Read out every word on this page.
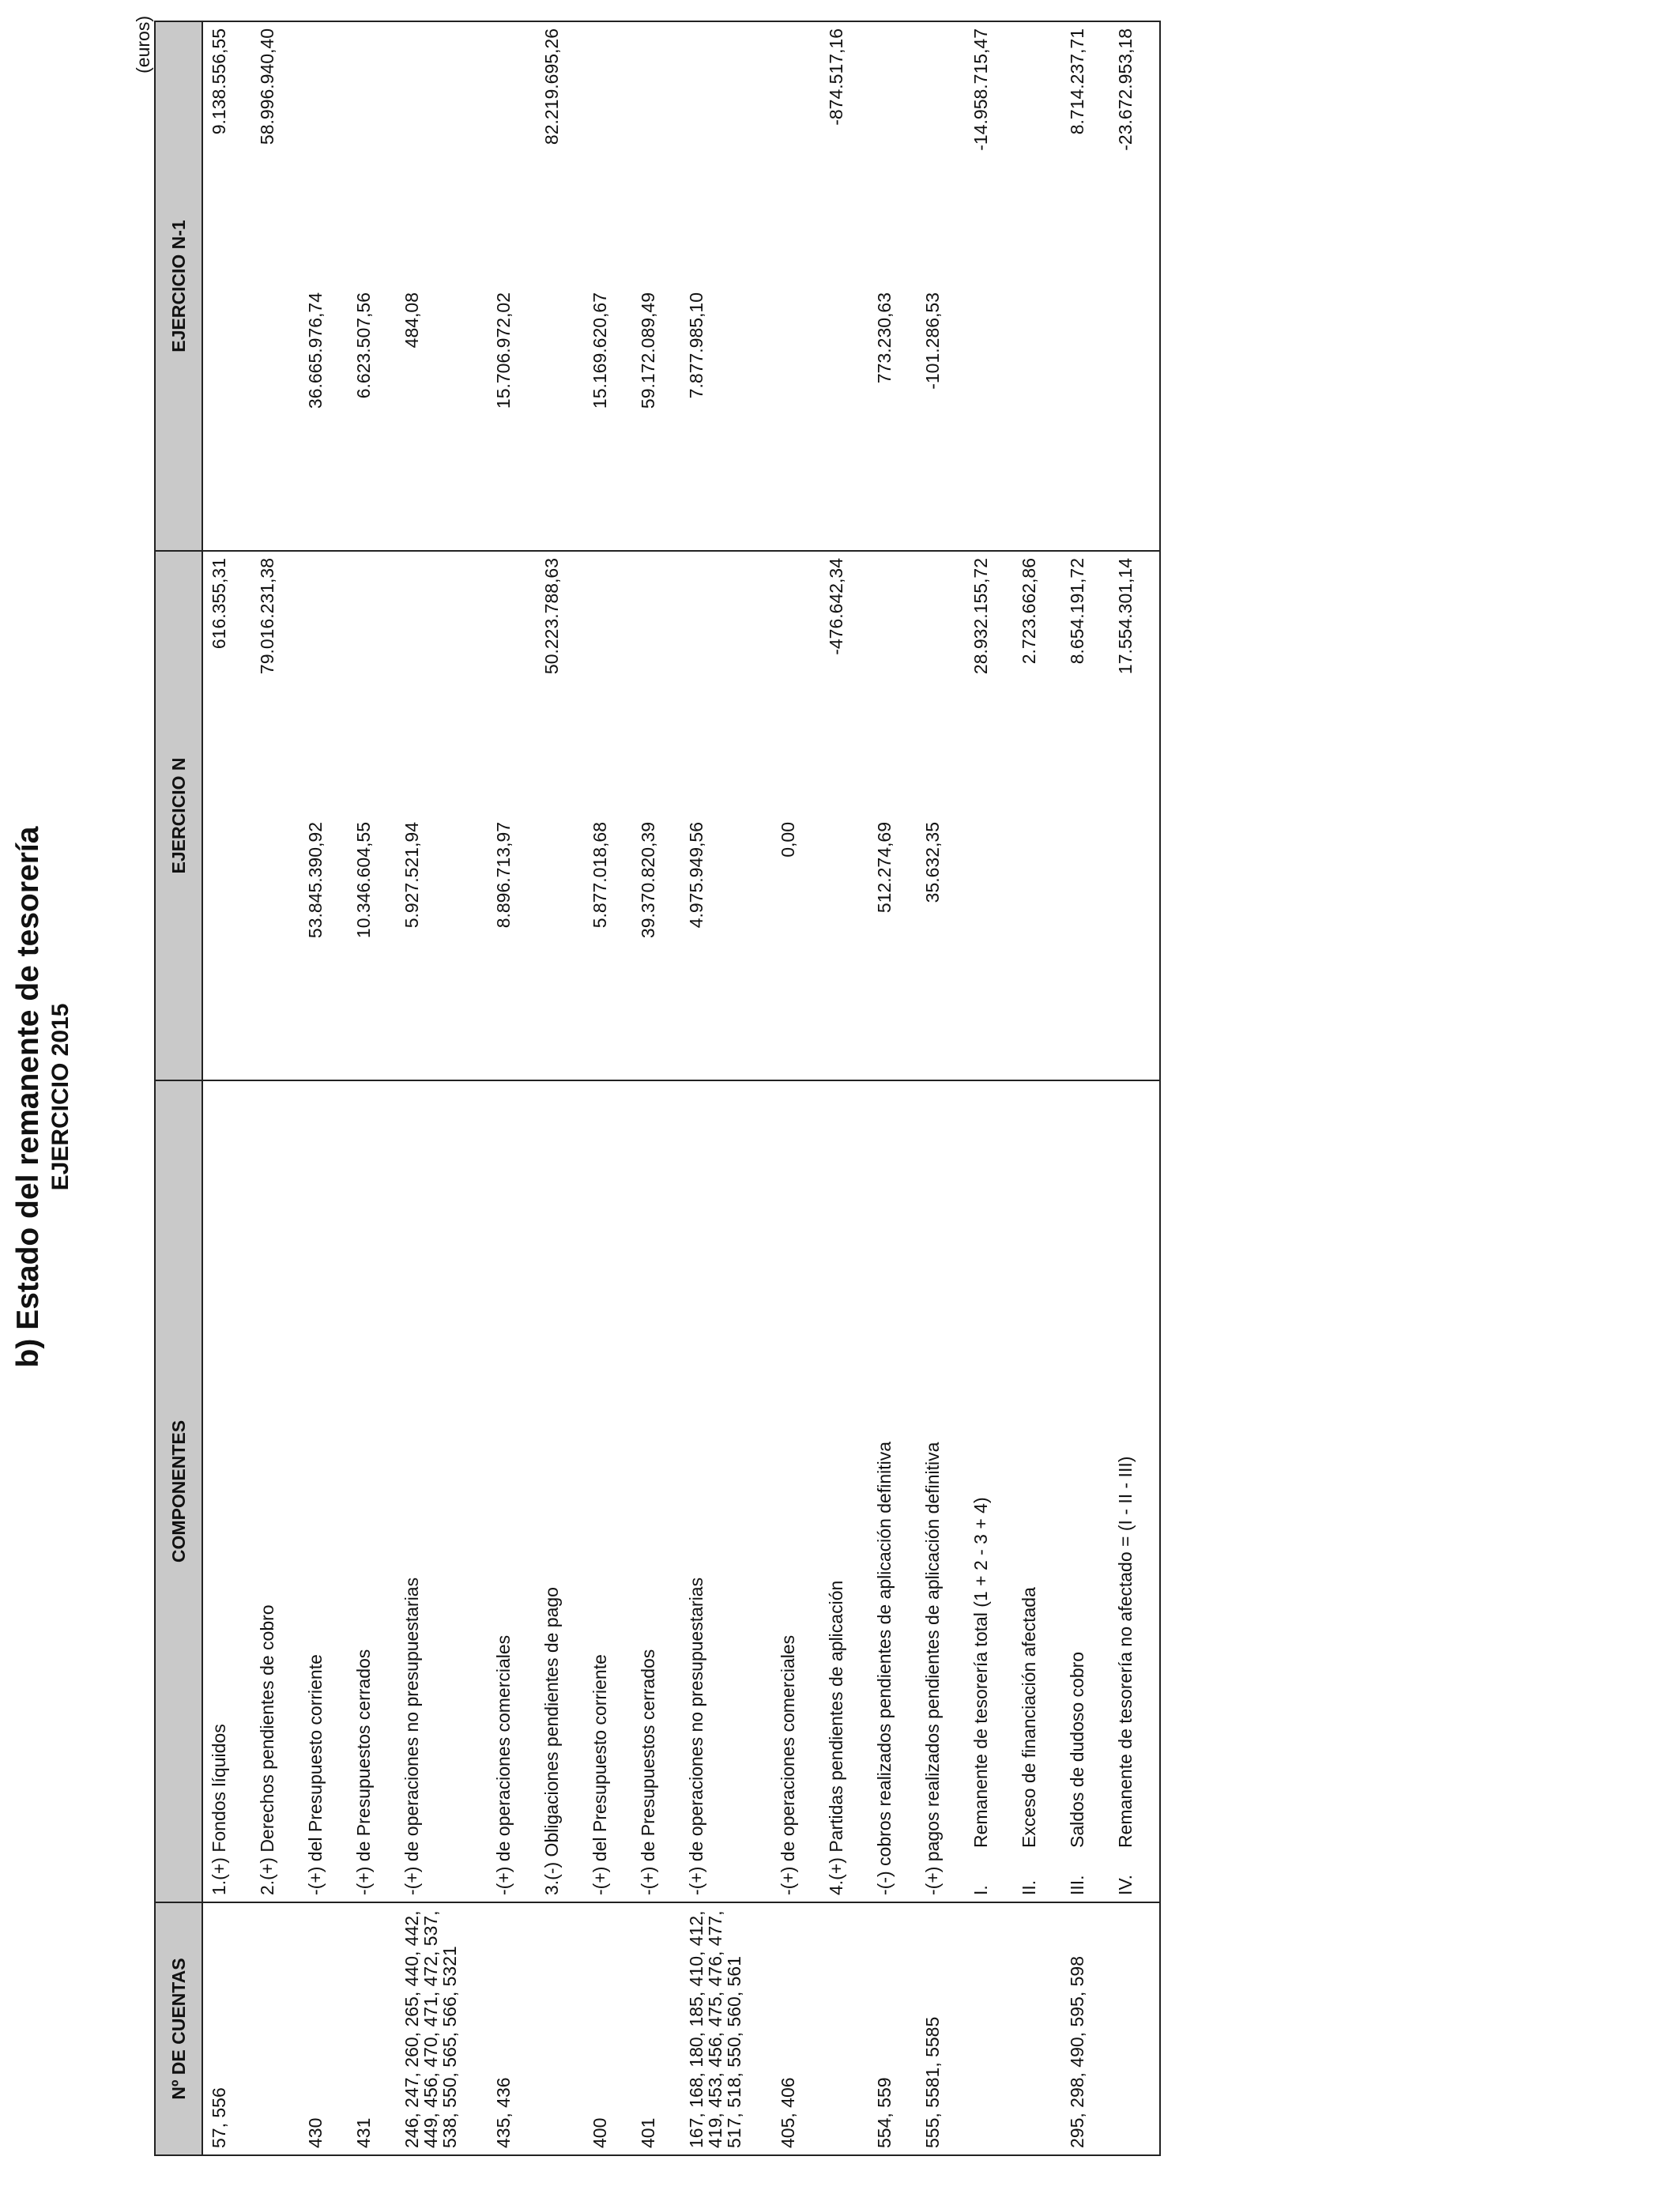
b) Estado del remanente de tesorería EJERCICIO 2015
(euros)
Nº DE CUENTAS	COMPONENTES	EJERCICIO N		EJERCICIO N-1	
57, 556	1.(+) Fondos líquidos		616.355,31		9.138.556,55
	2.(+) Derechos pendientes de cobro		79.016.231,38		58.996.940,40
430	-(+) del Presupuesto corriente	53.845.390,92		36.665.976,74	
431	-(+) de Presupuestos cerrados	10.346.604,55		6.623.507,56	
246, 247, 260, 265, 440, 442, 449, 456, 470, 471, 472, 537, 538, 550, 565, 566, 5321	-(+) de operaciones no presupuestarias	5.927.521,94		484,08	
435, 436	-(+) de operaciones comerciales	8.896.713,97		15.706.972,02	
	3.(-) Obligaciones pendientes de pago		50.223.788,63		82.219.695,26
400	-(+) del Presupuesto corriente	5.877.018,68		15.169.620,67	
401	-(+) de Presupuestos cerrados	39.370.820,39		59.172.089,49	
167, 168, 180, 185, 410, 412, 419, 453, 456, 475, 476, 477, 517, 518, 550, 560, 561	-(+) de operaciones no presupuestarias	4.975.949,56		7.877.985,10	
405, 406	-(+) de operaciones comerciales	0,00			
	4.(+) Partidas pendientes de aplicación		-476.642,34		-874.517,16
554, 559	-(-) cobros realizados pendientes de aplicación definitiva	512.274,69		773.230,63	
555, 5581, 5585	-(+) pagos realizados pendientes de aplicación definitiva	35.632,35		-101.286,53	
	I.Remanente de tesorería total (1 + 2 - 3 + 4)		28.932.155,72		-14.958.715,47
	II.Exceso de financiación afectada		2.723.662,86		
295, 298, 490, 595, 598	III.Saldos de dudoso cobro		8.654.191,72		8.714.237,71
	IV.Remanente de tesorería no afectado = (I - II - III)		17.554.301,14		-23.672.953,18
